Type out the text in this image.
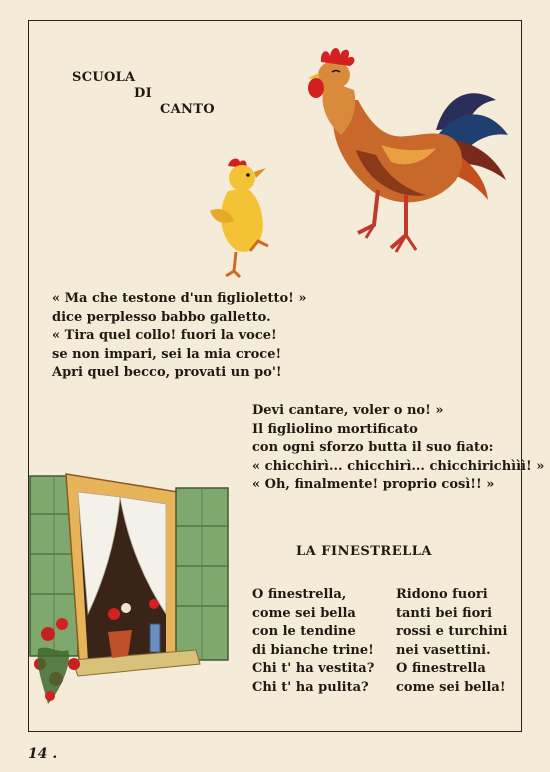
SCUOLA
DI
CANTO
« Ma che testone d'un figlioletto! »
dice perplesso babbo galletto.
« Tira quel collo! fuori la voce!
se non impari, sei la mia croce!
Apri quel becco, provati un po'!
Devi cantare, voler o no! »
Il figliolino mortificato
con ogni sforzo butta il suo fiato:
« chicchirì... chicchirì... chicchirichììì! »
« Oh, finalmente! proprio così!! »
LA FINESTRELLA
O finestrella,
come sei bella
con le tendine
di bianche trine!
Chi t' ha vestita?
Chi t' ha pulita?
Ridono fuori
tanti bei fiori
rossi e turchini
nei vasettini.
O finestrella
come sei bella!
14 .
